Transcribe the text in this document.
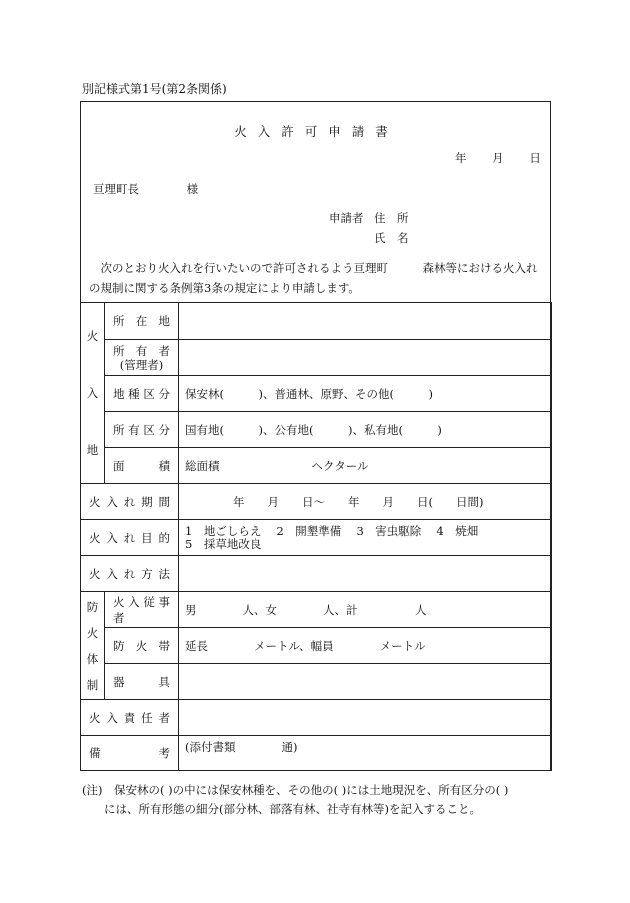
別記様式第1号(第2条関係)
火入許可申請書
年 月 日
亘理町長	様
申請者 住　所
氏　名
次のとおり火入れを行いたいので許可されるよう亘理町　　　森林等における火入れの規制に関する条例第3条の規定により申請します。
火
入
地	所在地	

	所有者
(管理者)	

	地種区分	保安林(　　　)、普通林、原野、その他(　　　)
	所有区分	国有地(　　　)、公有地(　　　)、私有地(　　　)
	面積	総面積　　　　　　　　ヘクタール
火入れ期間		年　　月　　日～　　年　　月　　日(　　日間)
火入れ目的		1　地ごしらえ　 2　開墾準備　 3　害虫駆除　 4　焼畑
5　採草地改良

火入れ方法		

防
火
体
制	火入従事者	男　　　　人、女　　　　人、計　　　　　人
	防火帯	延長　　　　メートル、幅員　　　　メートル
	器具	
火入責任者		
備考		(添付書類　　　　通)
(注)　保安林の( )の中には保安林種を、その他の( )には土地現況を、所有区分の( )
には、所有形態の細分(部分林、部落有林、社寺有林等)を記入すること。
